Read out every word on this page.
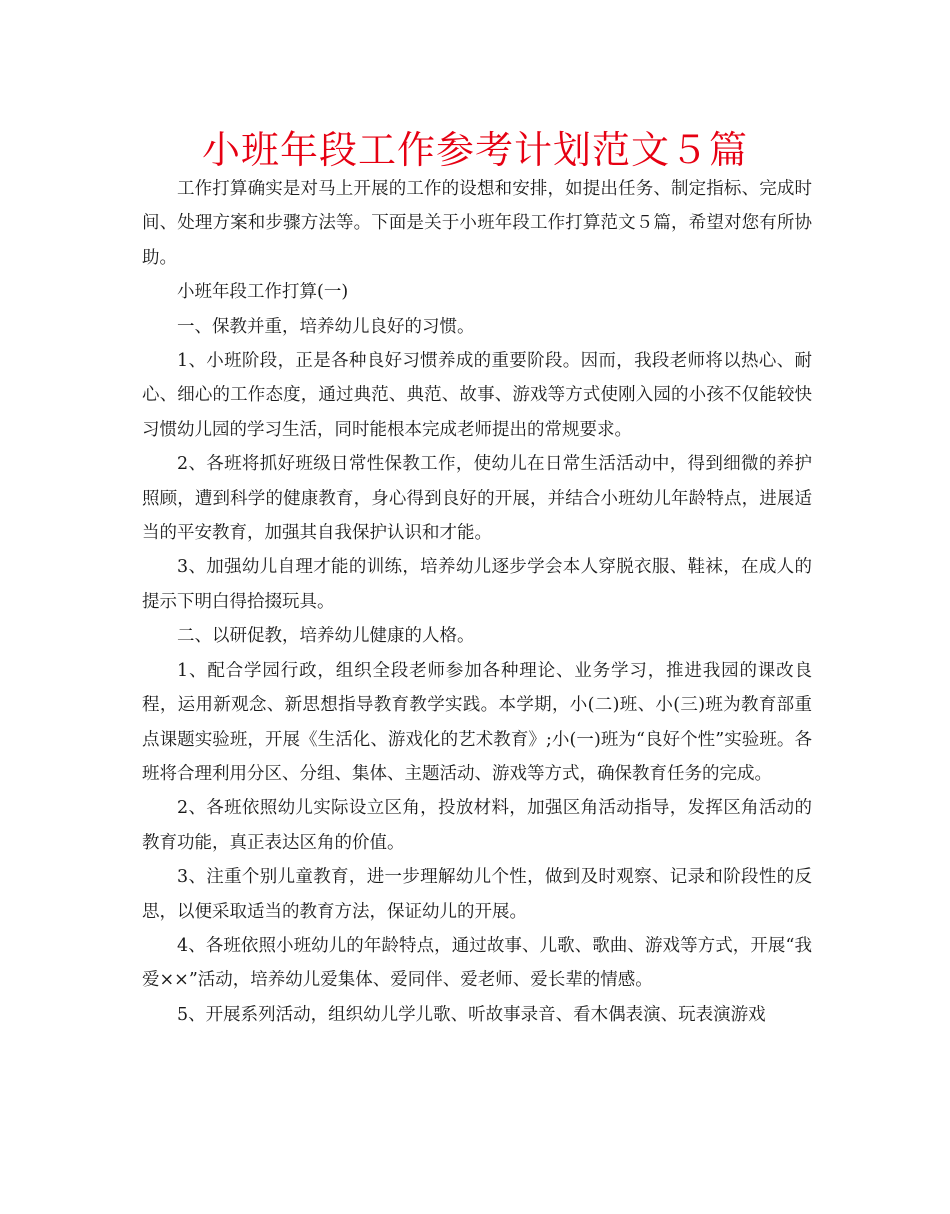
小班年段工作参考计划范文５篇

工作打算确实是对马上开展的工作的设想和安排，如提出任务、制定指标、完成时间、处理方案和步骤方法等。下面是关于小班年段工作打算范文５篇，希望对您有所协助。

小班年段工作打算(一)

一、保教并重，培养幼儿良好的习惯。

1、小班阶段，正是各种良好习惯养成的重要阶段。因而，我段老师将以热心、耐心、细心的工作态度，通过典范、典范、故事、游戏等方式使刚入园的小孩不仅能较快习惯幼儿园的学习生活，同时能根本完成老师提出的常规要求。

2、各班将抓好班级日常性保教工作，使幼儿在日常生活活动中，得到细微的养护照顾，遭到科学的健康教育，身心得到良好的开展，并结合小班幼儿年龄特点，进展适当的平安教育，加强其自我保护认识和才能。

3、加强幼儿自理才能的训练，培养幼儿逐步学会本人穿脱衣服、鞋袜，在成人的提示下明白得拾掇玩具。

二、以研促教，培养幼儿健康的人格。

1、配合学园行政，组织全段老师参加各种理论、业务学习，推进我园的课改良程，运用新观念、新思想指导教育教学实践。本学期，小(二)班、小(三)班为教育部重点课题实验班，开展《生活化、游戏化的艺术教育》;小(一)班为“良好个性”实验班。各班将合理利用分区、分组、集体、主题活动、游戏等方式，确保教育任务的完成。

2、各班依照幼儿实际设立区角，投放材料，加强区角活动指导，发挥区角活动的教育功能，真正表达区角的价值。

3、注重个别儿童教育，进一步理解幼儿个性，做到及时观察、记录和阶段性的反思，以便采取适当的教育方法，保证幼儿的开展。

4、各班依照小班幼儿的年龄特点，通过故事、儿歌、歌曲、游戏等方式，开展“我爱××”活动，培养幼儿爱集体、爱同伴、爱老师、爱长辈的情感。

5、开展系列活动，组织幼儿学儿歌、听故事录音、看木偶表演、玩表演游戏
